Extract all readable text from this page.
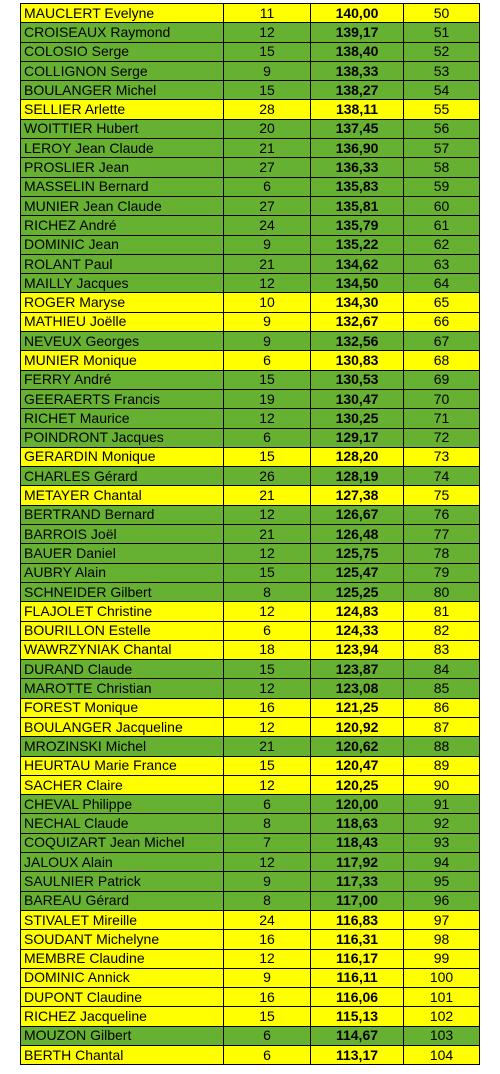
MAUCLERT Evelyne	11	140,00	50
CROISEAUX Raymond	12	139,17	51
COLOSIO Serge	15	138,40	52
COLLIGNON Serge	9	138,33	53
BOULANGER Michel	15	138,27	54
SELLIER Arlette	28	138,11	55
WOITTIER Hubert	20	137,45	56
LEROY Jean Claude	21	136,90	57
PROSLIER Jean	27	136,33	58
MASSELIN Bernard	6	135,83	59
MUNIER Jean Claude	27	135,81	60
RICHEZ André	24	135,79	61
DOMINIC Jean	9	135,22	62
ROLANT Paul	21	134,62	63
MAILLY Jacques	12	134,50	64
ROGER Maryse	10	134,30	65
MATHIEU Joëlle	9	132,67	66
NEVEUX Georges	9	132,56	67
MUNIER Monique	6	130,83	68
FERRY André	15	130,53	69
GEERAERTS Francis	19	130,47	70
RICHET Maurice	12	130,25	71
POINDRONT Jacques	6	129,17	72
GERARDIN Monique	15	128,20	73
CHARLES Gérard	26	128,19	74
METAYER Chantal	21	127,38	75
BERTRAND Bernard	12	126,67	76
BARROIS Joël	21	126,48	77
BAUER Daniel	12	125,75	78
AUBRY Alain	15	125,47	79
SCHNEIDER Gilbert	8	125,25	80
FLAJOLET Christine	12	124,83	81
BOURILLON Estelle	6	124,33	82
WAWRZYNIAK Chantal	18	123,94	83
DURAND Claude	15	123,87	84
MAROTTE Christian	12	123,08	85
FOREST Monique	16	121,25	86
BOULANGER Jacqueline	12	120,92	87
MROZINSKI Michel	21	120,62	88
HEURTAU Marie France	15	120,47	89
SACHER Claire	12	120,25	90
CHEVAL Philippe	6	120,00	91
NECHAL Claude	8	118,63	92
COQUIZART Jean Michel	7	118,43	93
JALOUX Alain	12	117,92	94
SAULNIER Patrick	9	117,33	95
BAREAU Gérard	8	117,00	96
STIVALET Mireille	24	116,83	97
SOUDANT Michelyne	16	116,31	98
MEMBRE Claudine	12	116,17	99
DOMINIC Annick	9	116,11	100
DUPONT Claudine	16	116,06	101
RICHEZ Jacqueline	15	115,13	102
MOUZON Gilbert	6	114,67	103
BERTH Chantal	6	113,17	104
